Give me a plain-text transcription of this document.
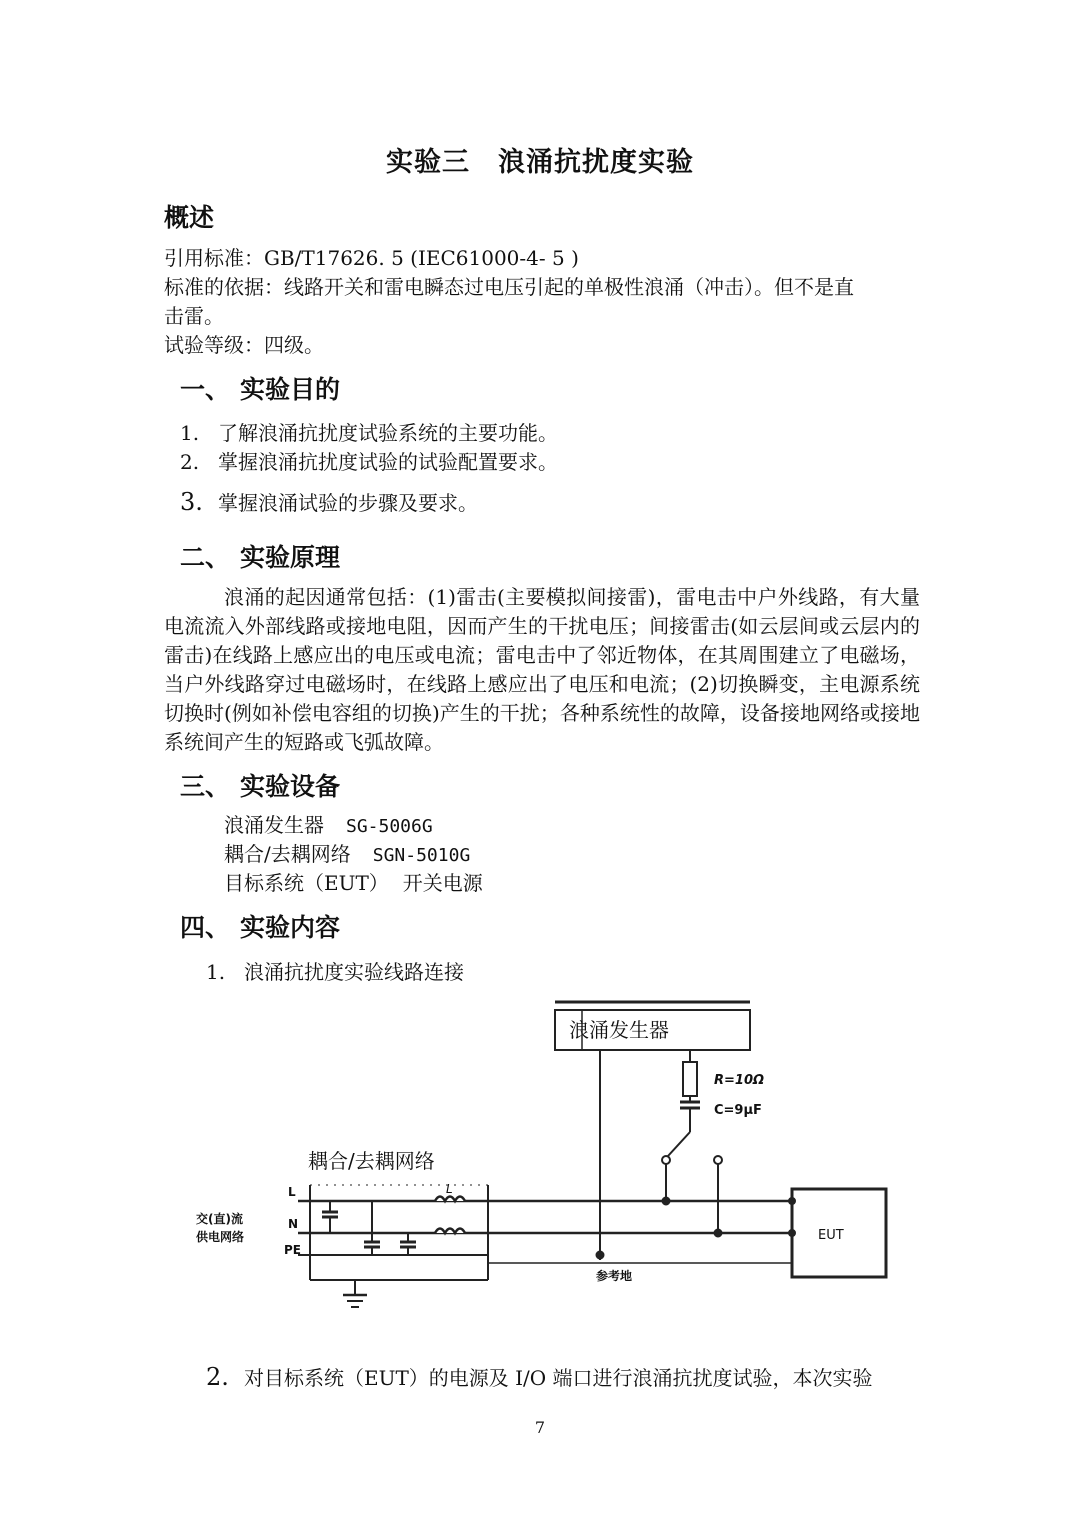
实验三　浪涌抗扰度实验
概述
引用标准：GB/T17626. 5 (IEC61000-4- 5 )
标准的依据：线路开关和雷电瞬态过电压引起的单极性浪涌（冲击）。但不是直
击雷。
试验等级：四级。
一、 实验目的
1. 了解浪涌抗扰度试验系统的主要功能。
2. 掌握浪涌抗扰度试验的试验配置要求。
3. 掌握浪涌试验的步骤及要求。
二、 实验原理
浪涌的起因通常包括：(1)雷击(主要模拟间接雷)，雷电击中户外线路，有大量电流流入外部线路或接地电阻，因而产生的干扰电压；间接雷击(如云层间或云层内的雷击)在线路上感应出的电压或电流；雷电击中了邻近物体，在其周围建立了电磁场，当户外线路穿过电磁场时，在线路上感应出了电压和电流；(2)切换瞬变，主电源系统切换时(例如补偿电容组的切换)产生的干扰；各种系统性的故障，设备接地网络或接地系统间产生的短路或飞弧故障。
三、 实验设备
浪涌发生器 SG-5006G
耦合/去耦网络 SGN-5010G
目标系统（EUT） 开关电源
四、 实验内容
1. 浪涌抗扰度实验线路连接
浪涌发生器
R=10Ω
C=9μF
耦合/去耦网络
L
N
PE
交(直)流
供电网络
L
EUT
参考地
2. 对目标系统（EUT）的电源及 I/O 端口进行浪涌抗扰度试验，本次实验
7
